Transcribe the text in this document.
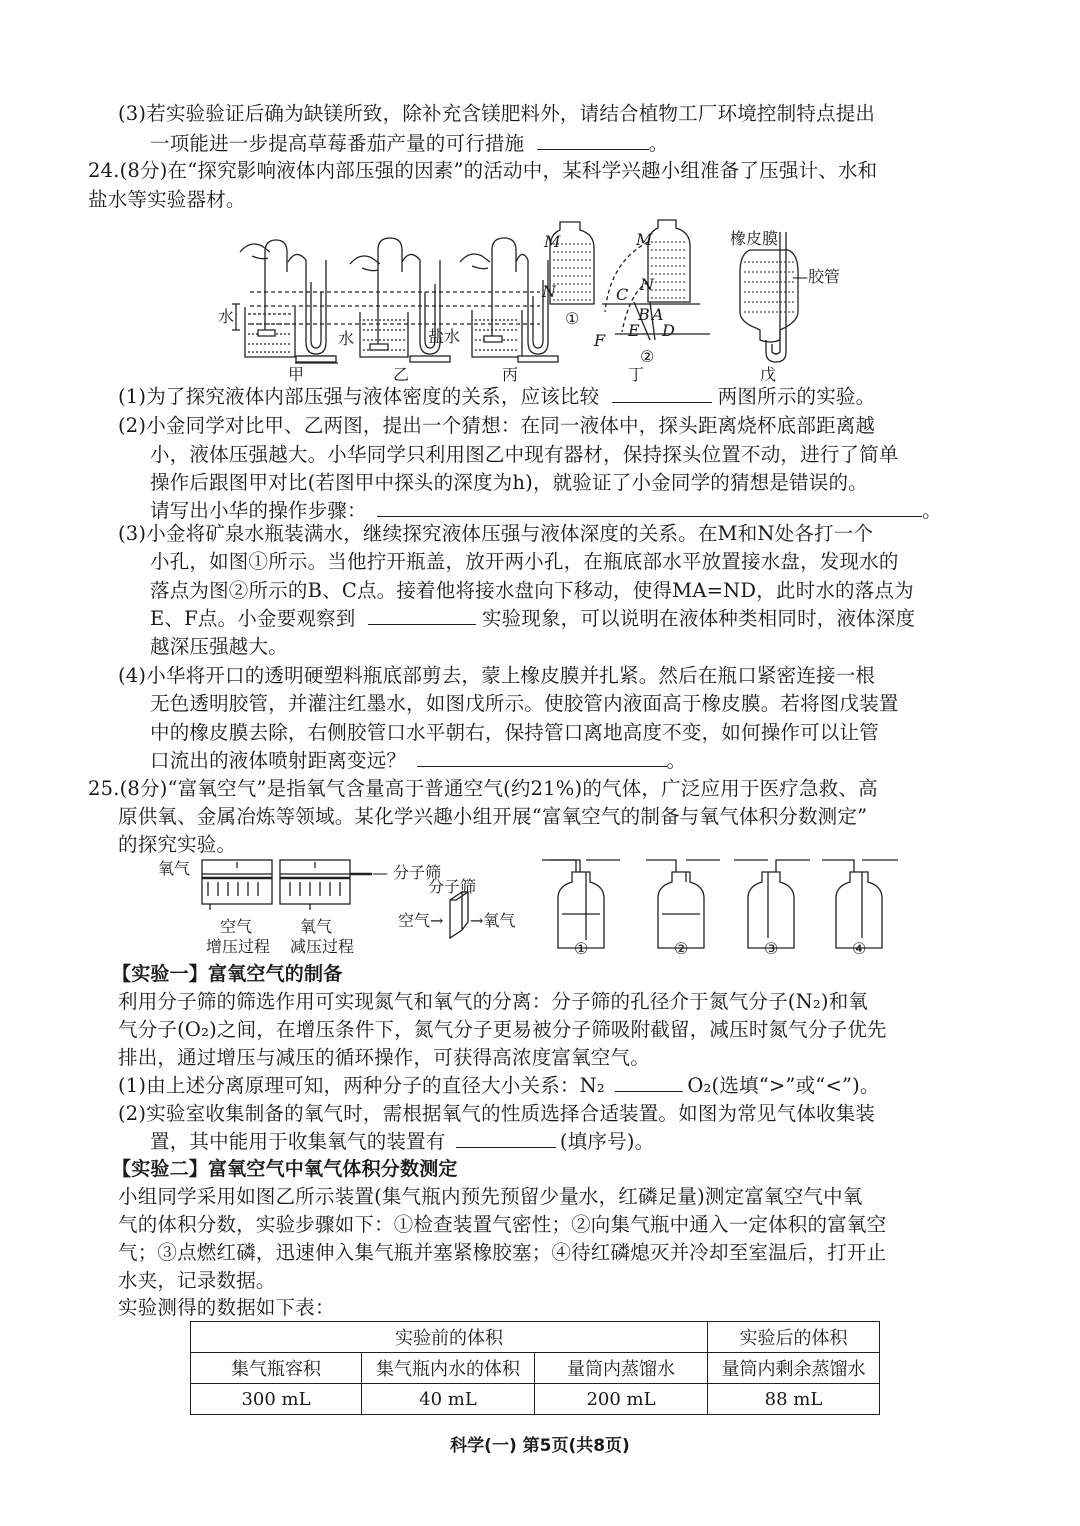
(3)若实验验证后确为缺镁所致，除补充含镁肥料外，请结合植物工厂环境控制特点提出
一项能进一步提高草莓番茄产量的可行措施	。
24.(8分)在“探究影响液体内部压强的因素”的活动中，某科学兴趣小组准备了压强计、水和
盐水等实验器材。
水
水	盐水
甲	乙	丙	丁	戊
M
N
①
M
N
C
B A
E D
F
②
橡皮膜
—胶管
(1)为了探究液体内部压强与液体密度的关系，应该比较	两图所示的实验。
(2)小金同学对比甲、乙两图，提出一个猜想：在同一液体中，探头距离烧杯底部距离越
小，液体压强越大。小华同学只利用图乙中现有器材，保持探头位置不动，进行了简单
操作后跟图甲对比(若图甲中探头的深度为h)，就验证了小金同学的猜想是错误的。
请写出小华的操作步骤：	。
(3)小金将矿泉水瓶装满水，继续探究液体压强与液体深度的关系。在M和N处各打一个
小孔，如图①所示。当他拧开瓶盖，放开两小孔，在瓶底部水平放置接水盘，发现水的
落点为图②所示的B、C点。接着他将接水盘向下移动，使得MA=ND，此时水的落点为
E、F点。小金要观察到	实验现象，可以说明在液体种类相同时，液体深度
越深压强越大。
(4)小华将开口的透明硬塑料瓶底部剪去，蒙上橡皮膜并扎紧。然后在瓶口紧密连接一根
无色透明胶管，并灌注红墨水，如图戊所示。使胶管内液面高于橡皮膜。若将图戊装置
中的橡皮膜去除，右侧胶管口水平朝右，保持管口离地高度不变，如何操作可以让管
口流出的液体喷射距离变远？	。
25.(8分)“富氧空气”是指氧气含量高于普通空气(约21%)的气体，广泛应用于医疗急救、高
原供氧、金属冶炼等领域。某化学兴趣小组开展“富氧空气的制备与氧气体积分数测定”
的探究实验。
氧气	— 分子筛
空气
增压过程
氧气
减压过程
分子筛
空气→ →氧气
①	②	③	④
【实验一】富氧空气的制备
利用分子筛的筛选作用可实现氮气和氧气的分离：分子筛的孔径介于氮气分子(N₂)和氧
气分子(O₂)之间，在增压条件下，氮气分子更易被分子筛吸附截留，减压时氮气分子优先
排出，通过增压与减压的循环操作，可获得高浓度富氧空气。
(1)由上述分离原理可知，两种分子的直径大小关系：N₂	O₂(选填“>”或“<”)。
(2)实验室收集制备的氧气时，需根据氧气的性质选择合适装置。如图为常见气体收集装
置，其中能用于收集氧气的装置有	(填序号)。
【实验二】富氧空气中氧气体积分数测定
小组同学采用如图乙所示装置(集气瓶内预先预留少量水，红磷足量)测定富氧空气中氧
气的体积分数，实验步骤如下：①检查装置气密性；②向集气瓶中通入一定体积的富氧空
气；③点燃红磷，迅速伸入集气瓶并塞紧橡胶塞；④待红磷熄灭并冷却至室温后，打开止
水夹，记录数据。
实验测得的数据如下表：
实验前的体积			实验后的体积
集气瓶容积	集气瓶内水的体积	量筒内蒸馏水	量筒内剩余蒸馏水
300 mL	40 mL	200 mL	88 mL
科学(一) 第5页(共8页)
